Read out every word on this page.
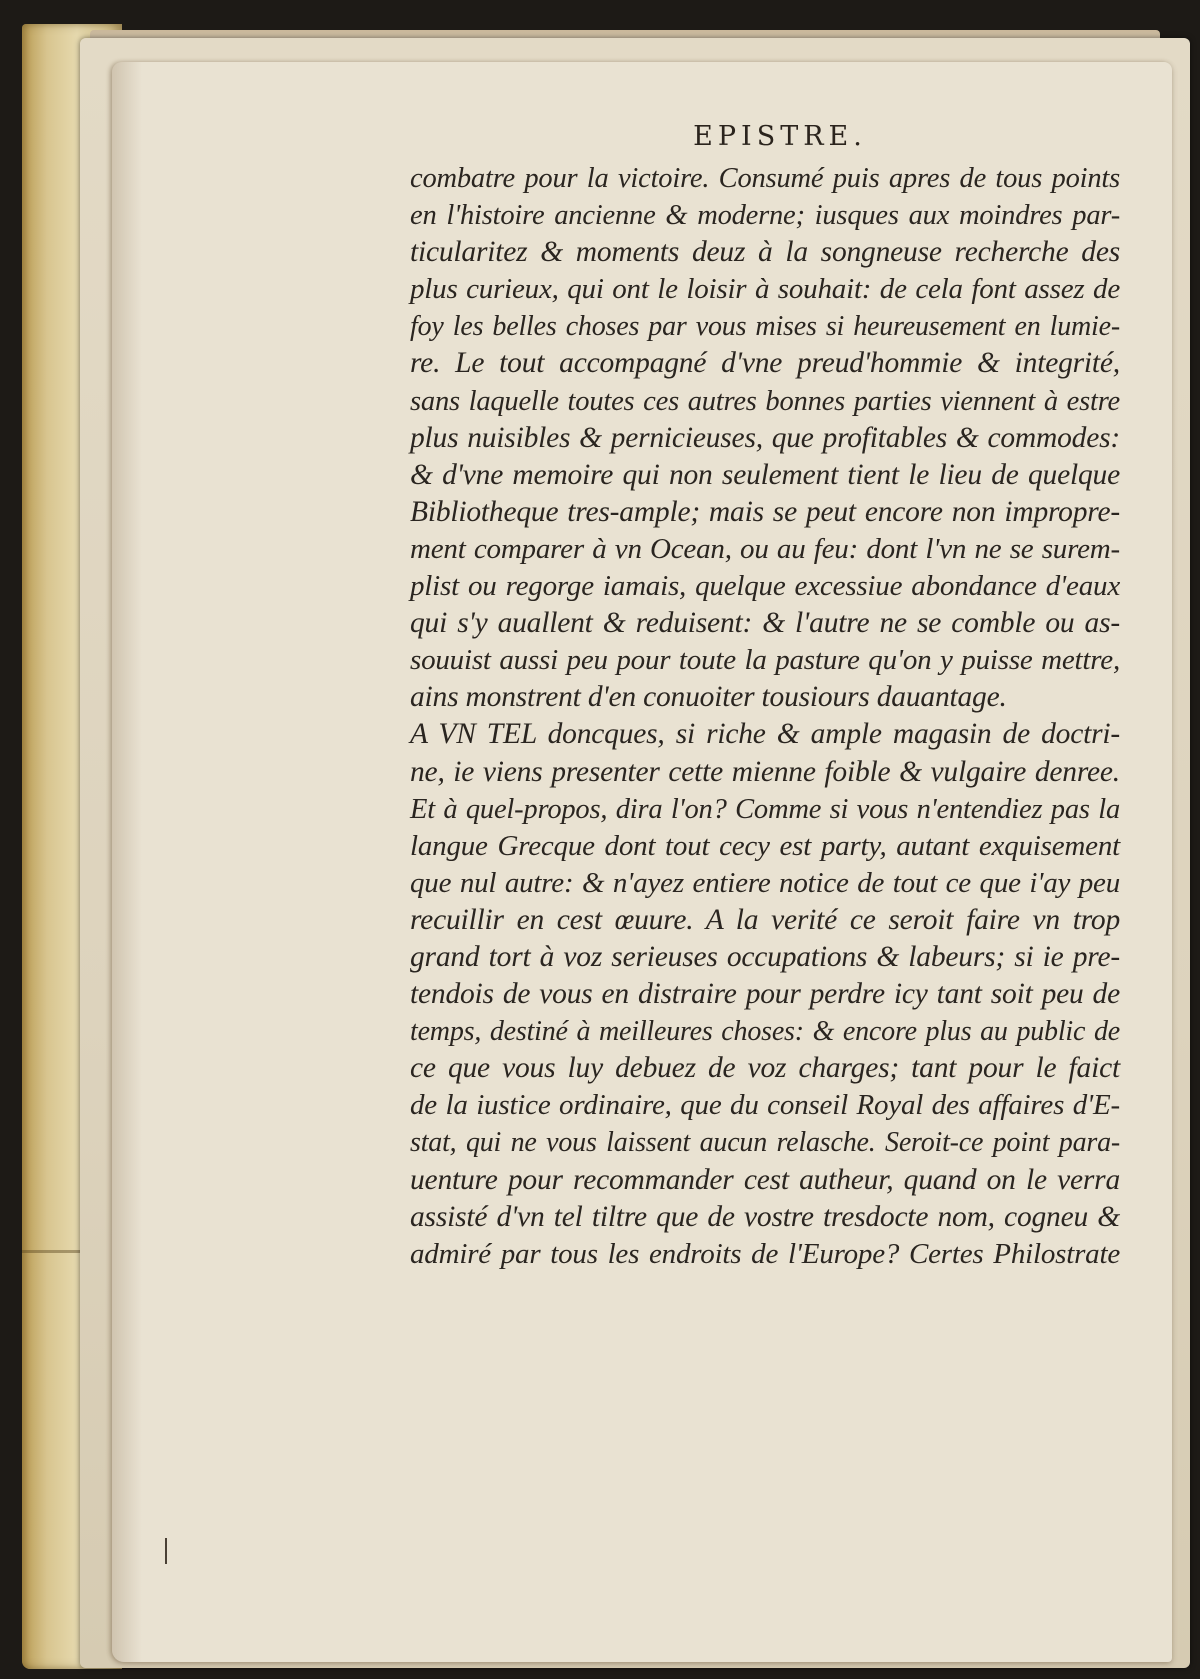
EPISTRE.
combatre pour la victoire. Consumé puis apres de tous points
en l'histoire ancienne & moderne; iusques aux moindres par-
ticularitez & moments deuz à la songneuse recherche des
plus curieux, qui ont le loisir à souhait: de cela font assez de
foy les belles choses par vous mises si heureusement en lumie-
re. Le tout accompagné d'vne preud'hommie & integrité,
sans laquelle toutes ces autres bonnes parties viennent à estre
plus nuisibles & pernicieuses, que profitables & commodes:
& d'vne memoire qui non seulement tient le lieu de quelque
Bibliotheque tres-ample; mais se peut encore non impropre-
ment comparer à vn Ocean, ou au feu: dont l'vn ne se surem-
plist ou regorge iamais, quelque excessiue abondance d'eaux
qui s'y auallent & reduisent: & l'autre ne se comble ou as-
souuist aussi peu pour toute la pasture qu'on y puisse mettre,
ains monstrent d'en conuoiter tousiours dauantage.
A VN TEL doncques, si riche & ample magasin de doctri-
ne, ie viens presenter cette mienne foible & vulgaire denree.
Et à quel-propos, dira l'on? Comme si vous n'entendiez pas la
langue Grecque dont tout cecy est party, autant exquisement
que nul autre: & n'ayez entiere notice de tout ce que i'ay peu
recuillir en cest œuure. A la verité ce seroit faire vn trop
grand tort à voz serieuses occupations & labeurs; si ie pre-
tendois de vous en distraire pour perdre icy tant soit peu de
temps, destiné à meilleures choses: & encore plus au public de
ce que vous luy debuez de voz charges; tant pour le faict
de la iustice ordinaire, que du conseil Royal des affaires d'E-
stat, qui ne vous laissent aucun relasche. Seroit-ce point para-
uenture pour recommander cest autheur, quand on le verra
assisté d'vn tel tiltre que de vostre tresdocte nom, cogneu &
admiré par tous les endroits de l'Europe? Certes Philostrate
